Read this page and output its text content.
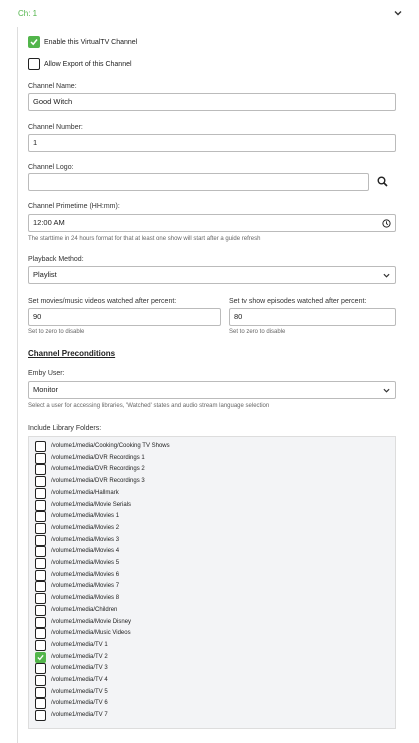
Ch: 1
Enable this VirtualTV Channel
Allow Export of this Channel
Channel Name:
Good Witch
Channel Number:
1
Channel Logo:
Channel Primetime (HH:mm):
12:00 AM
The starttime in 24 hours format for that at least one show will start after a guide refresh
Playback Method:
Playlist
Set movies/music videos watched after percent:
90
Set to zero to disable
Set tv show episodes watched after percent:
80
Set to zero to disable
Channel Preconditions
Emby User:
Monitor
Select a user for accessing libraries, 'Watched' states and audio stream language selection
Include Library Folders:
/volume1/media/Cooking/Cooking TV Shows
/volume1/media/DVR Recordings 1
/volume1/media/DVR Recordings 2
/volume1/media/DVR Recordings 3
/volume1/media/Hallmark
/volume1/media/Movie Serials
/volume1/media/Movies 1
/volume1/media/Movies 2
/volume1/media/Movies 3
/volume1/media/Movies 4
/volume1/media/Movies 5
/volume1/media/Movies 6
/volume1/media/Movies 7
/volume1/media/Movies 8
/volume1/media/Children
/volume1/media/Movie Disney
/volume1/media/Music Videos
/volume1/media/TV 1
/volume1/media/TV 2
/volume1/media/TV 3
/volume1/media/TV 4
/volume1/media/TV 5
/volume1/media/TV 6
/volume1/media/TV 7
